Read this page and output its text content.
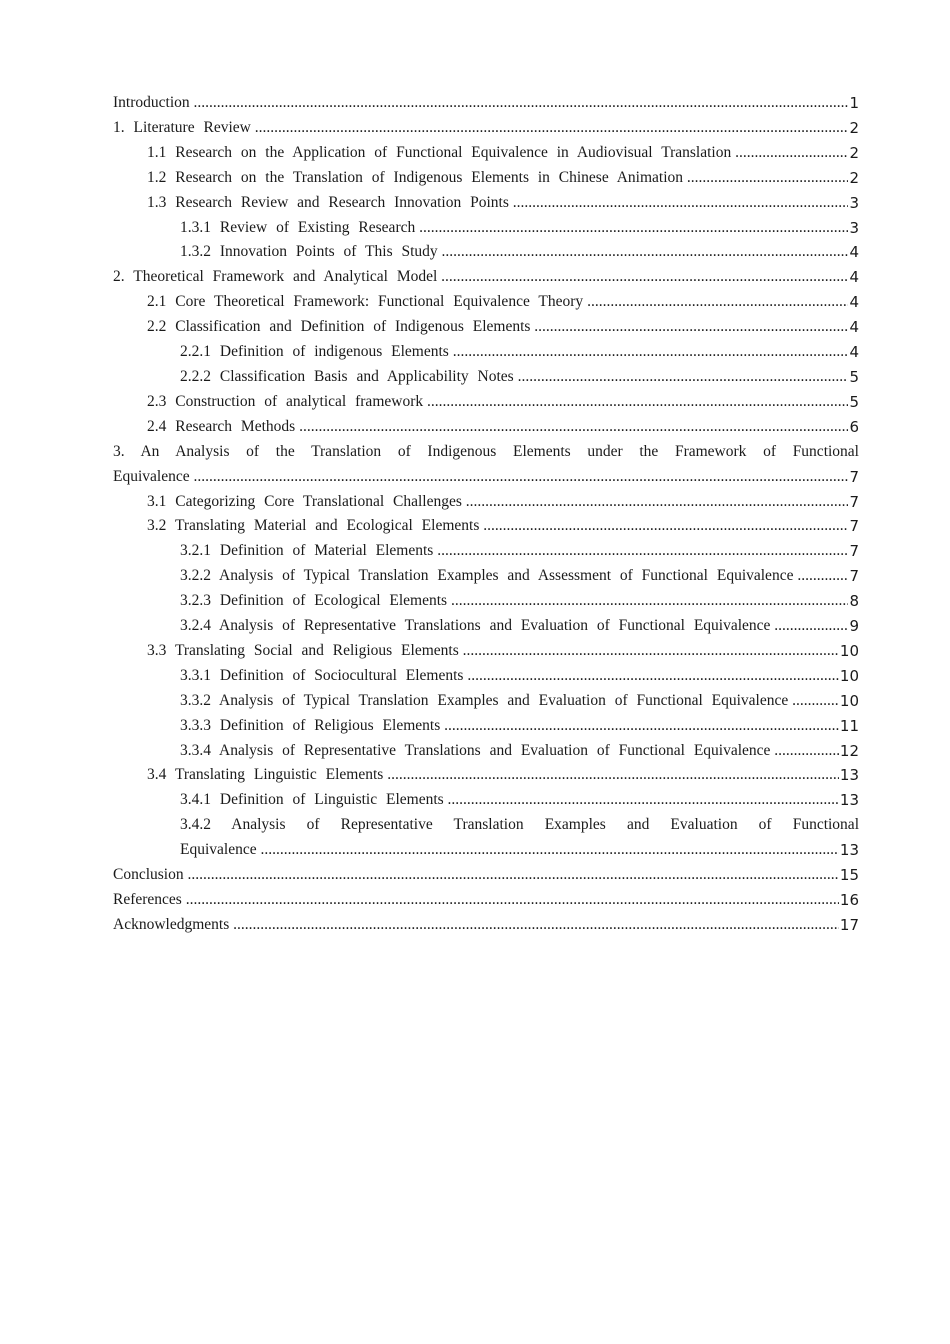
Introduction .....	1
1. Literature Review .....	2
1.1 Research on the Application of Functional Equivalence in Audiovisual Translation .....	2
1.2 Research on the Translation of Indigenous Elements in Chinese Animation .....	2
1.3 Research Review and Research Innovation Points .....	3
1.3.1 Review of Existing Research .....	3
1.3.2 Innovation Points of This Study .....	4
2. Theoretical Framework and Analytical Model .....	4
2.1 Core Theoretical Framework: Functional Equivalence Theory .....	4
2.2 Classification and Definition of Indigenous Elements .....	4
2.2.1 Definition of indigenous Elements .....	4
2.2.2 Classification Basis and Applicability Notes .....	5
2.3 Construction of analytical framework .....	5
2.4 Research Methods .....	6
3. An Analysis of the Translation of Indigenous Elements under the Framework of Functional
Equivalence .....	7
3.1 Categorizing Core Translational Challenges .....	7
3.2 Translating Material and Ecological Elements .....	7
3.2.1 Definition of Material Elements .....	7
3.2.2 Analysis of Typical Translation Examples and Assessment of Functional Equivalence .....	7
3.2.3 Definition of Ecological Elements .....	8
3.2.4 Analysis of Representative Translations and Evaluation of Functional Equivalence .....	9
3.3 Translating Social and Religious Elements .....	10
3.3.1 Definition of Sociocultural Elements .....	10
3.3.2 Analysis of Typical Translation Examples and Evaluation of Functional Equivalence .....	10
3.3.3 Definition of Religious Elements .....	11
3.3.4 Analysis of Representative Translations and Evaluation of Functional Equivalence .....	12
3.4 Translating Linguistic Elements .....	13
3.4.1 Definition of Linguistic Elements .....	13
3.4.2 Analysis of Representative Translation Examples and Evaluation of Functional
Equivalence .....	13
Conclusion .....	15
References .....	16
Acknowledgments .....	17
